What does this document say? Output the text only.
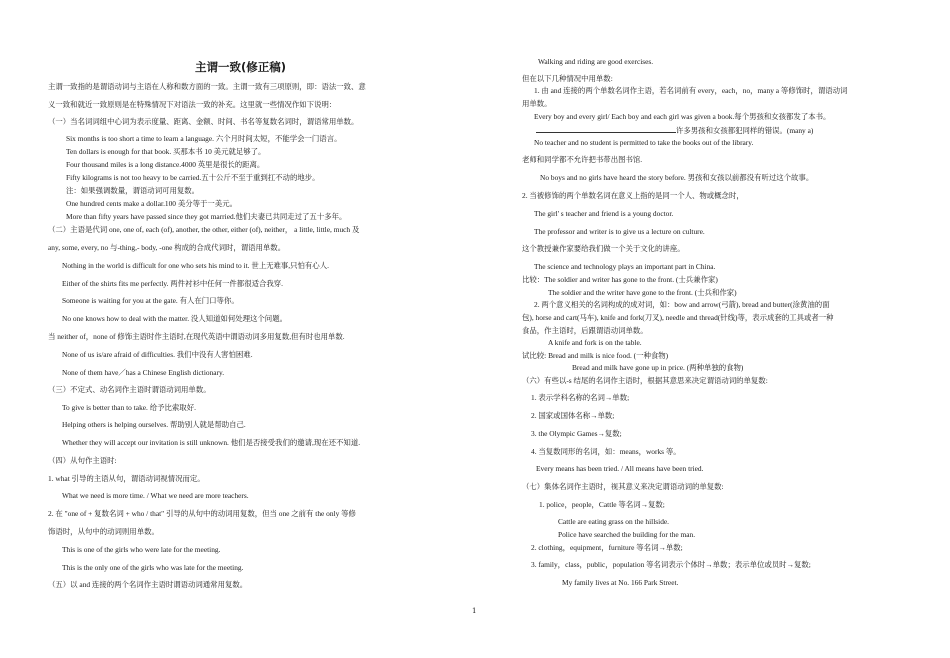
主谓一致(修正稿)
主谓一致指的是谓语动词与主语在人称和数方面的一致。主谓一致有三项原则，即：语法一致、意
义一致和就近一致原则是在特殊情况下对语法一致的补充。这里就一些情况作如下说明：
（一）当名词词组中心词为表示度量、距离、金额、时间、书名等复数名词时，谓语常用单数。
Six months is too short a time to learn a language. 六个月时间太短，不能学会一门语言。
Ten dollars is enough for that book. 买那本书 10 美元就足够了。
Four thousand miles is a long distance.4000 英里是很长的距离。
Fifty kilograms is not too heavy to be carried.五十公斤不至于重到扛不动的地步。
注：如果强调数量，谓语动词可用复数。
One hundred cents make a dollar.100 美分等于一美元。
More than fifty years have passed since they got married.他们夫妻已共同走过了五十多年。
（二）主语是代词 one, one of, each (of), another, the other, either (of), neither， a little, little, much 及
any, some, every, no 与-thing,- body, -one 构成的合成代词时，谓语用单数。
Nothing in the world is difficult for one who sets his mind to it. 世上无难事,只怕有心人.
Either of the shirts fits me perfectly. 两件衬衫中任何一件都很适合我穿.
Someone is waiting for you at the gate. 有人在门口等你。
No one knows how to deal with the matter. 没人知道如何处理这个问题。
当 neither of，none of 修饰主语时作主语时,在现代英语中谓语动词多用复数,但有时也用单数.
None of us is/are afraid of difficulties. 我们中没有人害怕困难.
None of them have／has a Chinese English dictionary.
（三）不定式、动名词作主语时谓语动词用单数。
To give is better than to take. 给予比索取好.
Helping others is helping ourselves. 帮助别人就是帮助自己.
Whether they will accept our invitation is still unknown. 他们是否接受我们的邀请,现在还不知道.
（四）从句作主语时:
1. what 引导的主语从句，谓语动词视情况而定。
What we need is more time. / What we need are more teachers.
2. 在 "one of + 复数名词 + who / that" 引导的从句中的动词用复数，但当 one 之前有 the only 等修
饰语时，从句中的动词则用单数。
This is one of the girls who were late for the meeting.
This is the only one of the girls who was late for the meeting.
（五）以 and 连接的两个名词作主语时谓语动词通常用复数。
Walking and riding are good exercises.
但在以下几种情况中用单数:
1. 由 and 连接的两个单数名词作主语，若名词前有 every，each，no，many a 等修饰时，谓语动词
用单数。
Every boy and every girl/ Each boy and each girl was given a book.每个男孩和女孩都发了本书。
许多男孩和女孩都犯同样的错误。(many a)
No teacher and no student is permitted to take the books out of the library.
老师和同学都不允许把书带出图书馆.
No boys and no girls have heard the story before. 男孩和女孩以前都没有听过这个故事。
2. 当被修饰的两个单数名词在意义上指的是同一个人、物或概念时，
The girl' s teacher and friend is a young doctor.
The professor and writer is to give us a lecture on culture.
这个教授兼作家要给我们做一个关于文化的讲座。
The science and technology plays an important part in China.
比较：The soldier and writer has gone to the front. (士兵兼作家)
The soldier and the writer have gone to the front. (士兵和作家)
2. 两个意义相关的名词构成的成对词，如：bow and arrow(弓箭), bread and butter(涂黄油的面
包), horse and cart(马车), knife and fork(刀叉), needle and thread(针线)等，表示成套的工具或者一种
食品，作主语时，后跟谓语动词单数。
A knife and fork is on the table.
试比较: Bread and milk is nice food. (一种食物)
Bread and milk have gone up in price. (两种单独的食物)
（六）有些以-s 结尾的名词作主语时，根据其意思来决定谓语动词的单复数:
1. 表示学科名称的名词→单数;
2. 国家或国体名称→单数;
3. the Olympic Games→复数;
4. 当复数同形的名词，如：means，works 等。
Every means has been tried. / All means have been tried.
（七）集体名词作主语时，视其意义来决定谓语动词的单复数:
1. police，people，Cattle 等名词→复数;
Cattle are eating grass on the hillside.
Police have searched the building for the man.
2. clothing，equipment，furniture 等名词→单数;
3. family，class，public，population 等名词表示个体时→单数；表示单位或员时→复数;
My family lives at No. 166 Park Street.
1
